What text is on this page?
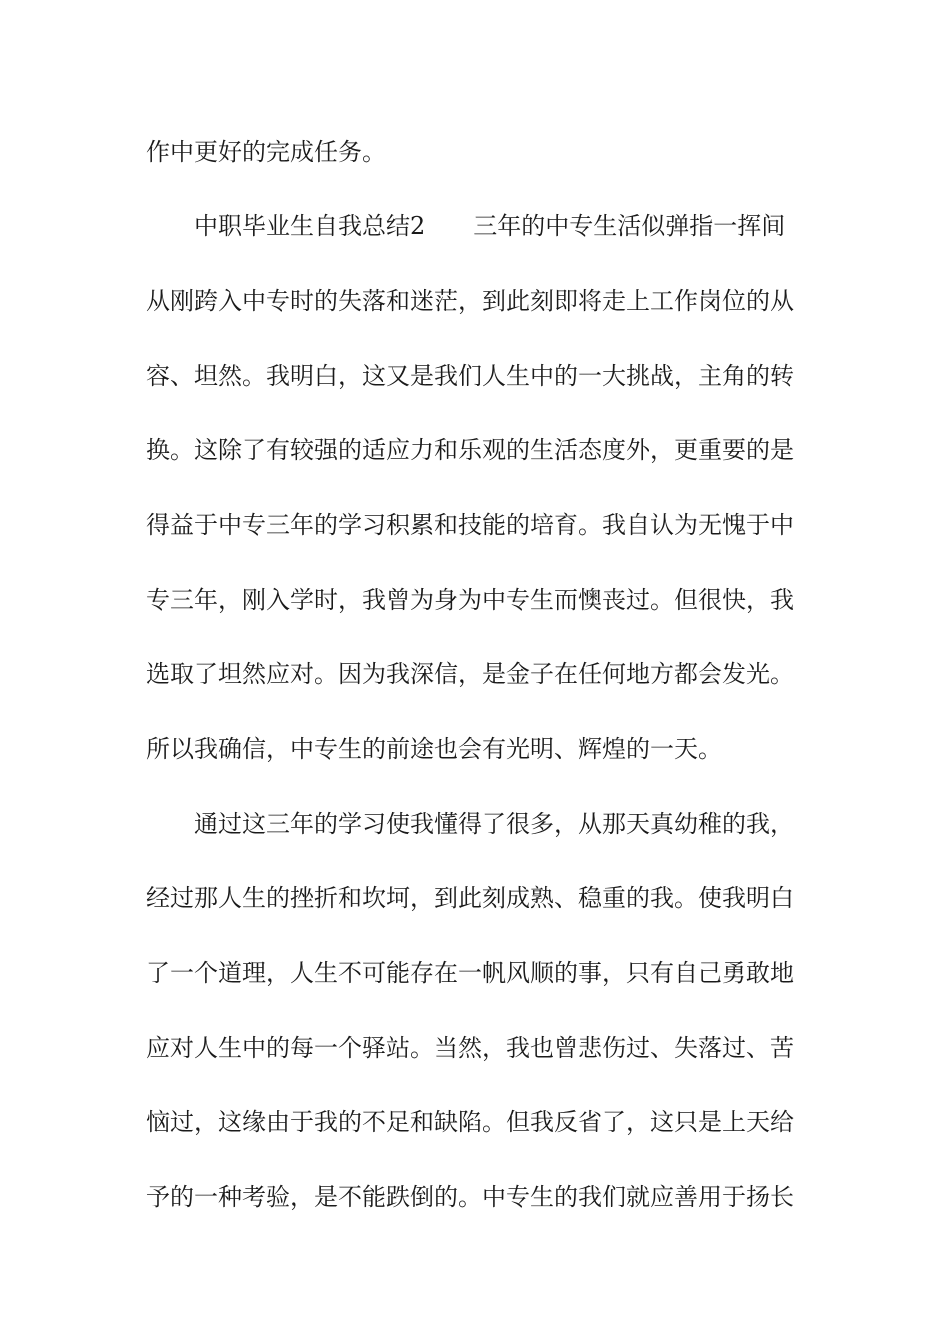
作中更好的完成任务。
中职毕业生自我总结2 三年的中专生活似弹指一挥间
从刚跨入中专时的失落和迷茫，到此刻即将走上工作岗位的从
容、坦然。我明白，这又是我们人生中的一大挑战，主角的转
换。这除了有较强的适应力和乐观的生活态度外，更重要的是
得益于中专三年的学习积累和技能的培育。我自认为无愧于中
专三年，刚入学时，我曾为身为中专生而懊丧过。但很快，我
选取了坦然应对。因为我深信，是金子在任何地方都会发光。
所以我确信，中专生的前途也会有光明、辉煌的一天。
通过这三年的学习使我懂得了很多，从那天真幼稚的我，
经过那人生的挫折和坎坷，到此刻成熟、稳重的我。使我明白
了一个道理，人生不可能存在一帆风顺的事，只有自己勇敢地
应对人生中的每一个驿站。当然，我也曾悲伤过、失落过、苦
恼过，这缘由于我的不足和缺陷。但我反省了，这只是上天给
予的一种考验，是不能跌倒的。中专生的我们就应善用于扬长
